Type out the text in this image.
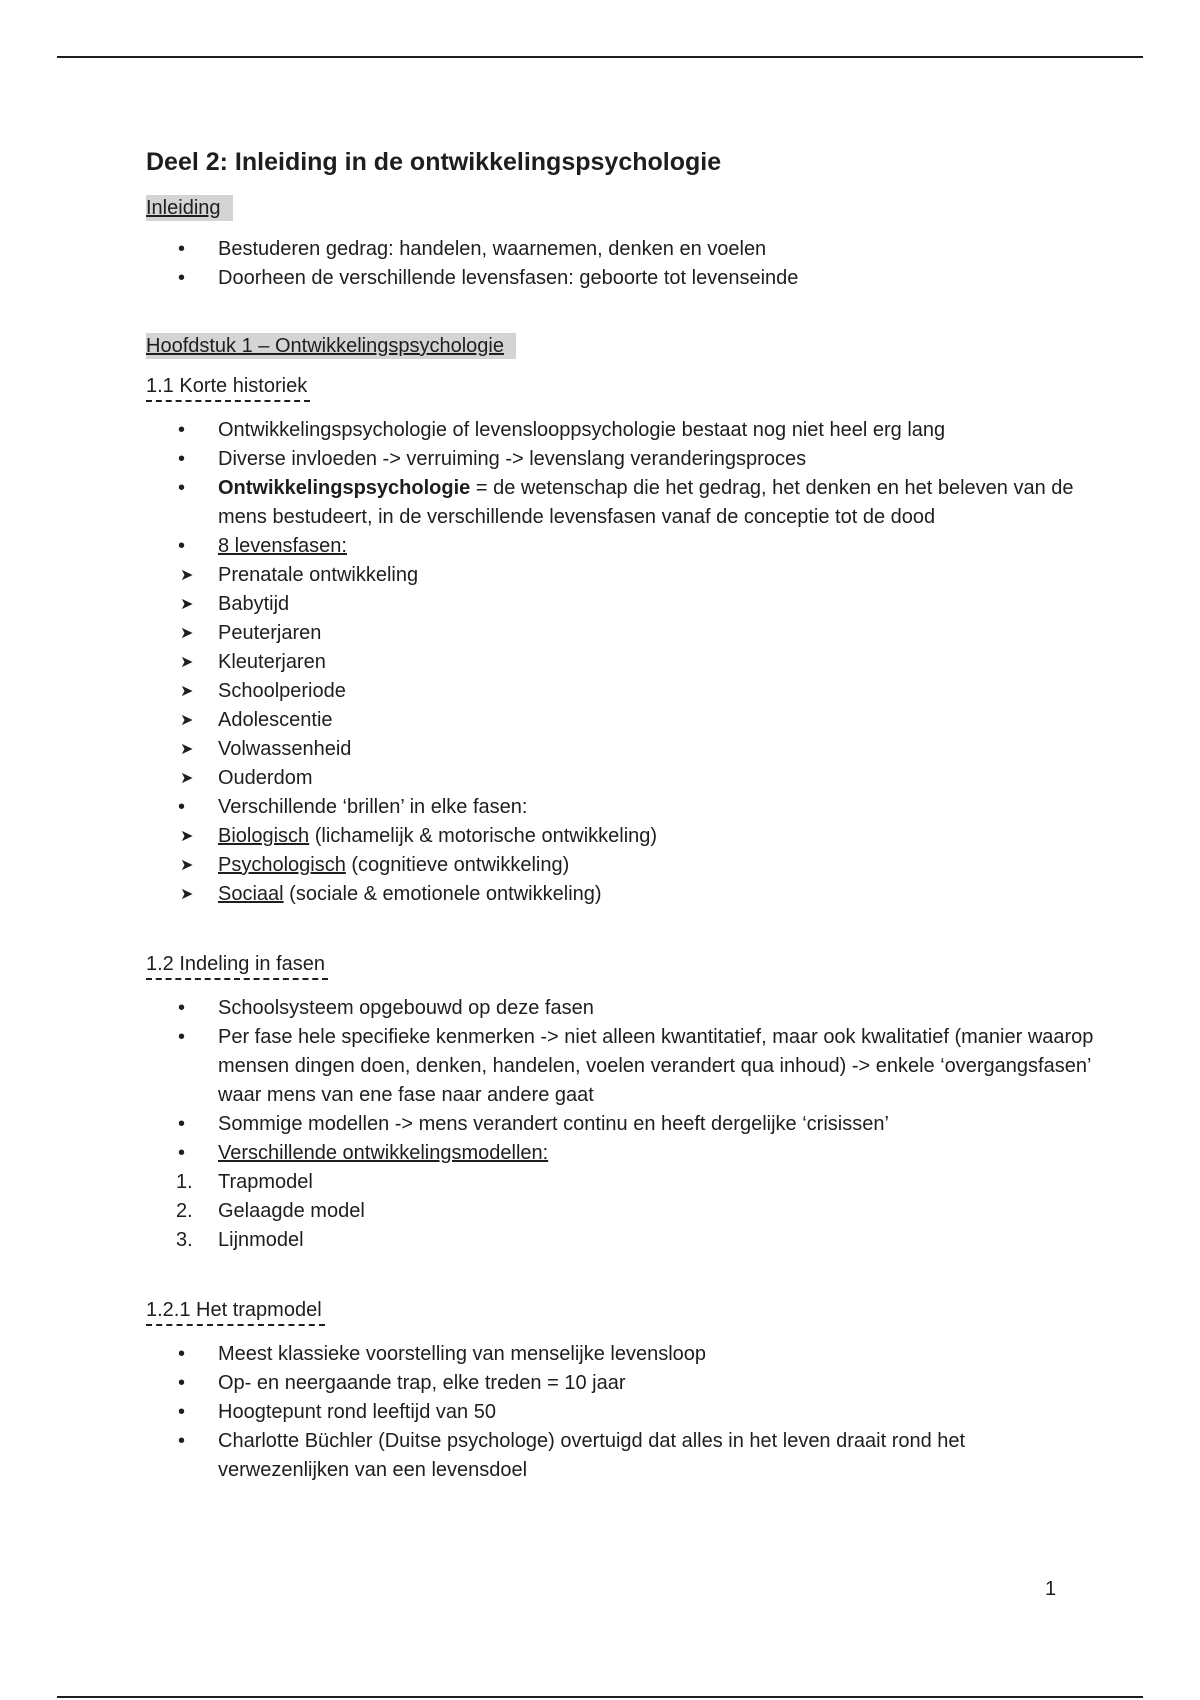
Deel 2: Inleiding in de ontwikkelingspsychologie
Inleiding
• Bestuderen gedrag: handelen, waarnemen, denken en voelen
• Doorheen de verschillende levensfasen: geboorte tot levenseinde
Hoofdstuk 1 – Ontwikkelingspsychologie
1.1 Korte historiek
• Ontwikkelingspsychologie of levenslooppsychologie bestaat nog niet heel erg lang
• Diverse invloeden -> verruiming -> levenslang veranderingsproces
• Ontwikkelingspsychologie = de wetenschap die het gedrag, het denken en het beleven van de mens bestudeert, in de verschillende levensfasen vanaf de conceptie tot de dood
• 8 levensfasen:
➤ Prenatale ontwikkeling
➤ Babytijd
➤ Peuterjaren
➤ Kleuterjaren
➤ Schoolperiode
➤ Adolescentie
➤ Volwassenheid
➤ Ouderdom
• Verschillende ‘brillen’ in elke fasen:
➤ Biologisch (lichamelijk & motorische ontwikkeling)
➤ Psychologisch (cognitieve ontwikkeling)
➤ Sociaal (sociale & emotionele ontwikkeling)
1.2 Indeling in fasen
• Schoolsysteem opgebouwd op deze fasen
• Per fase hele specifieke kenmerken -> niet alleen kwantitatief, maar ook kwalitatief (manier waarop mensen dingen doen, denken, handelen, voelen verandert qua inhoud) -> enkele ‘overgangsfasen’ waar mens van ene fase naar andere gaat
• Sommige modellen -> mens verandert continu en heeft dergelijke ‘crisissen’
• Verschillende ontwikkelingsmodellen:
1. Trapmodel
2. Gelaagde model
3. Lijnmodel
1.2.1 Het trapmodel
• Meest klassieke voorstelling van menselijke levensloop
• Op- en neergaande trap, elke treden = 10 jaar
• Hoogtepunt rond leeftijd van 50
• Charlotte Büchler (Duitse psychologe) overtuigd dat alles in het leven draait rond het verwezenlijken van een levensdoel
1
